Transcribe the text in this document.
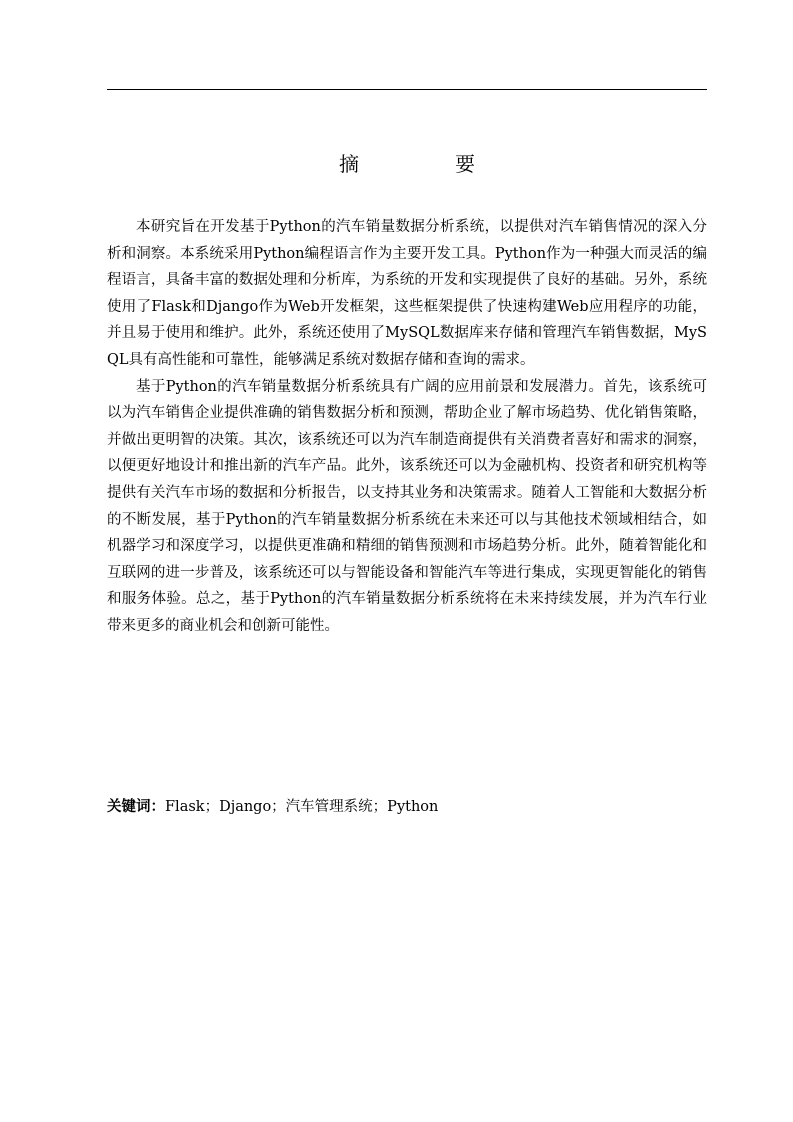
摘　要

本研究旨在开发基于Python的汽车销量数据分析系统，以提供对汽车销售情况的深入分析和洞察。本系统采用Python编程语言作为主要开发工具。Python作为一种强大而灵活的编程语言，具备丰富的数据处理和分析库，为系统的开发和实现提供了良好的基础。另外，系统使用了Flask和Django作为Web开发框架，这些框架提供了快速构建Web应用程序的功能，并且易于使用和维护。此外，系统还使用了MySQL数据库来存储和管理汽车销售数据，MySQL具有高性能和可靠性，能够满足系统对数据存储和查询的需求。

基于Python的汽车销量数据分析系统具有广阔的应用前景和发展潜力。首先，该系统可以为汽车销售企业提供准确的销售数据分析和预测，帮助企业了解市场趋势、优化销售策略，并做出更明智的决策。其次，该系统还可以为汽车制造商提供有关消费者喜好和需求的洞察，以便更好地设计和推出新的汽车产品。此外，该系统还可以为金融机构、投资者和研究机构等提供有关汽车市场的数据和分析报告，以支持其业务和决策需求。随着人工智能和大数据分析的不断发展，基于Python的汽车销量数据分析系统在未来还可以与其他技术领域相结合，如机器学习和深度学习，以提供更准确和精细的销售预测和市场趋势分析。此外，随着智能化和互联网的进一步普及，该系统还可以与智能设备和智能汽车等进行集成，实现更智能化的销售和服务体验。总之，基于Python的汽车销量数据分析系统将在未来持续发展，并为汽车行业带来更多的商业机会和创新可能性。

关键词：Flask；Django；汽车管理系统；Python
